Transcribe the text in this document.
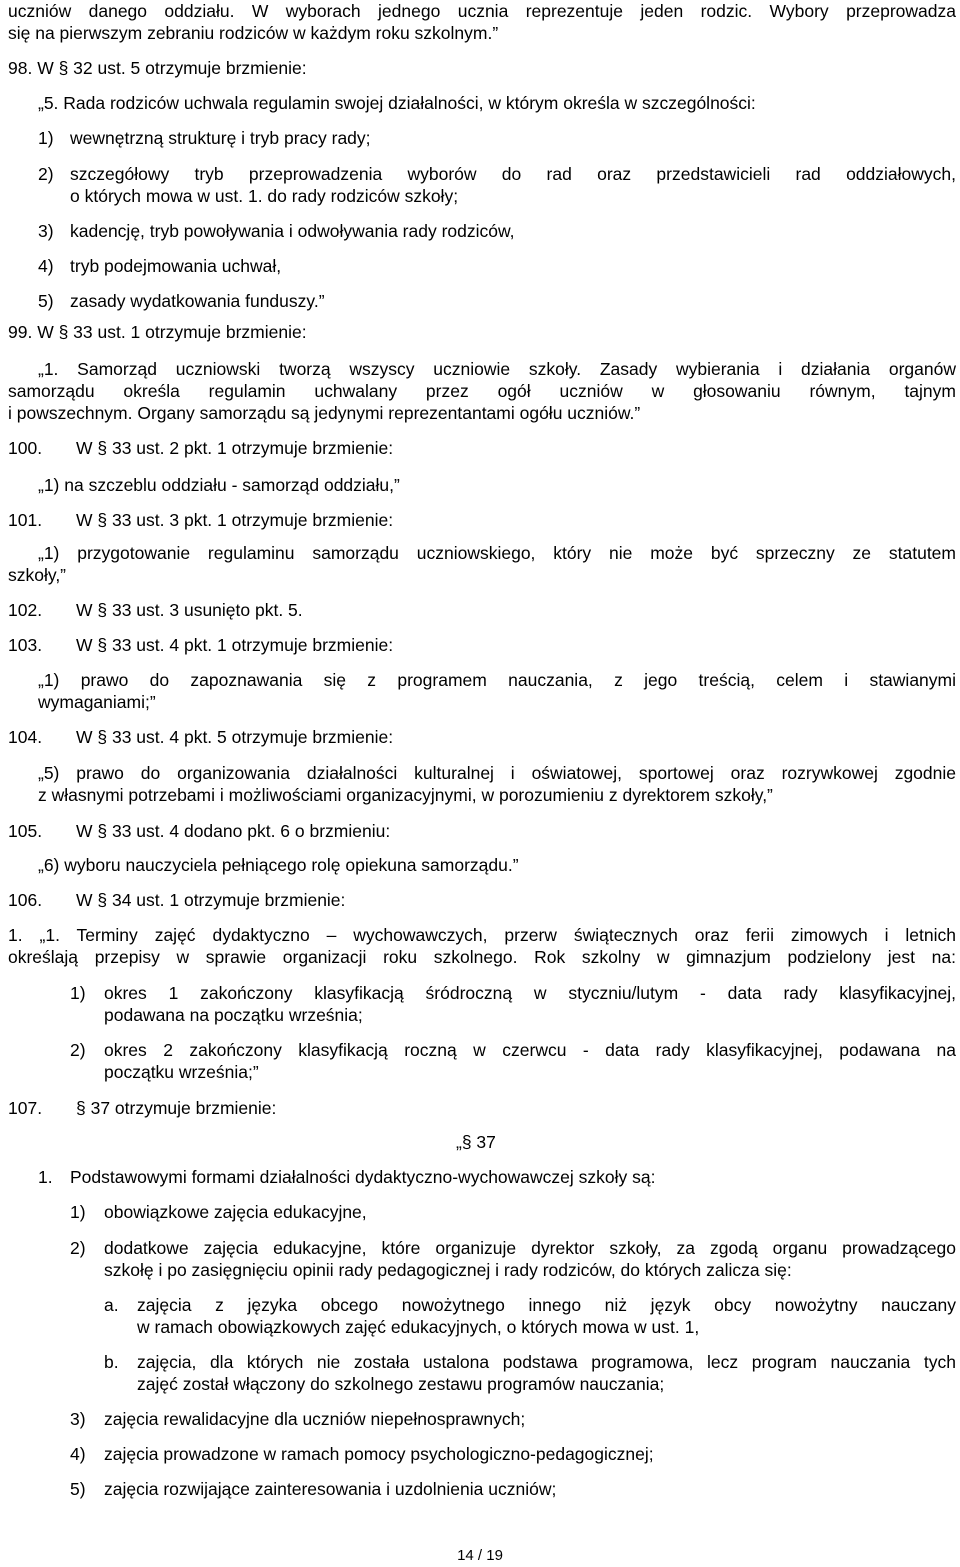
uczniów danego oddziału. W wyborach jednego ucznia reprezentuje jeden rodzic. Wybory przeprowadza
się na pierwszym zebraniu rodziców w każdym roku szkolnym.”
98. W § 32 ust. 5 otrzymuje brzmienie:
„5. Rada rodziców uchwala regulamin swojej działalności, w którym określa w szczególności:
1) wewnętrzną strukturę i tryb pracy rady;
2) szczegółowy tryb przeprowadzenia wyborów do rad oraz przedstawicieli rad oddziałowych,
o których mowa w ust. 1. do rady rodziców szkoły;
3) kadencję, tryb powoływania i odwoływania rady rodziców,
4) tryb podejmowania uchwał,
5) zasady wydatkowania funduszy.”
99. W § 33 ust. 1 otrzymuje brzmienie:
„1. Samorząd uczniowski tworzą wszyscy uczniowie szkoły. Zasady wybierania i działania organów
samorządu określa regulamin uchwalany przez ogół uczniów w głosowaniu równym, tajnym
i powszechnym. Organy samorządu są jedynymi reprezentantami ogółu uczniów.”
100. W § 33 ust. 2 pkt. 1 otrzymuje brzmienie:
„1) na szczeblu oddziału - samorząd oddziału,”
101. W § 33 ust. 3 pkt. 1 otrzymuje brzmienie:
„1) przygotowanie regulaminu samorządu uczniowskiego, który nie może być sprzeczny ze statutem
szkoły,”
102. W § 33 ust. 3 usunięto pkt. 5.
103. W § 33 ust. 4 pkt. 1 otrzymuje brzmienie:
„1) prawo do zapoznawania się z programem nauczania, z jego treścią, celem i stawianymi
wymaganiami;”
104. W § 33 ust. 4 pkt. 5 otrzymuje brzmienie:
„5) prawo do organizowania działalności kulturalnej i oświatowej, sportowej oraz rozrywkowej zgodnie
z własnymi potrzebami i możliwościami organizacyjnymi, w porozumieniu z dyrektorem szkoły,”
105. W § 33 ust. 4 dodano pkt. 6 o brzmieniu:
„6) wyboru nauczyciela pełniącego rolę opiekuna samorządu.”
106. W § 34 ust. 1 otrzymuje brzmienie:
1. „1. Terminy zajęć dydaktyczno – wychowawczych, przerw świątecznych oraz ferii zimowych i letnich
określają przepisy w sprawie organizacji roku szkolnego. Rok szkolny w gimnazjum podzielony jest na:
1) okres 1 zakończony klasyfikacją śródroczną w styczniu/lutym - data rady klasyfikacyjnej,
podawana na początku września;
2) okres 2 zakończony klasyfikacją roczną w czerwcu - data rady klasyfikacyjnej, podawana na
początku września;”
107. § 37 otrzymuje brzmienie:
„§ 37
1. Podstawowymi formami działalności dydaktyczno-wychowawczej szkoły są:
1) obowiązkowe zajęcia edukacyjne,
2) dodatkowe zajęcia edukacyjne, które organizuje dyrektor szkoły, za zgodą organu prowadzącego
szkołę i po zasięgnięciu opinii rady pedagogicznej i rady rodziców, do których zalicza się:
a. zajęcia z języka obcego nowożytnego innego niż język obcy nowożytny nauczany
w ramach obowiązkowych zajęć edukacyjnych, o których mowa w ust. 1,
b. zajęcia, dla których nie została ustalona podstawa programowa, lecz program nauczania tych
zajęć został włączony do szkolnego zestawu programów nauczania;
3) zajęcia rewalidacyjne dla uczniów niepełnosprawnych;
4) zajęcia prowadzone w ramach pomocy psychologiczno-pedagogicznej;
5) zajęcia rozwijające zainteresowania i uzdolnienia uczniów;
14 / 19
